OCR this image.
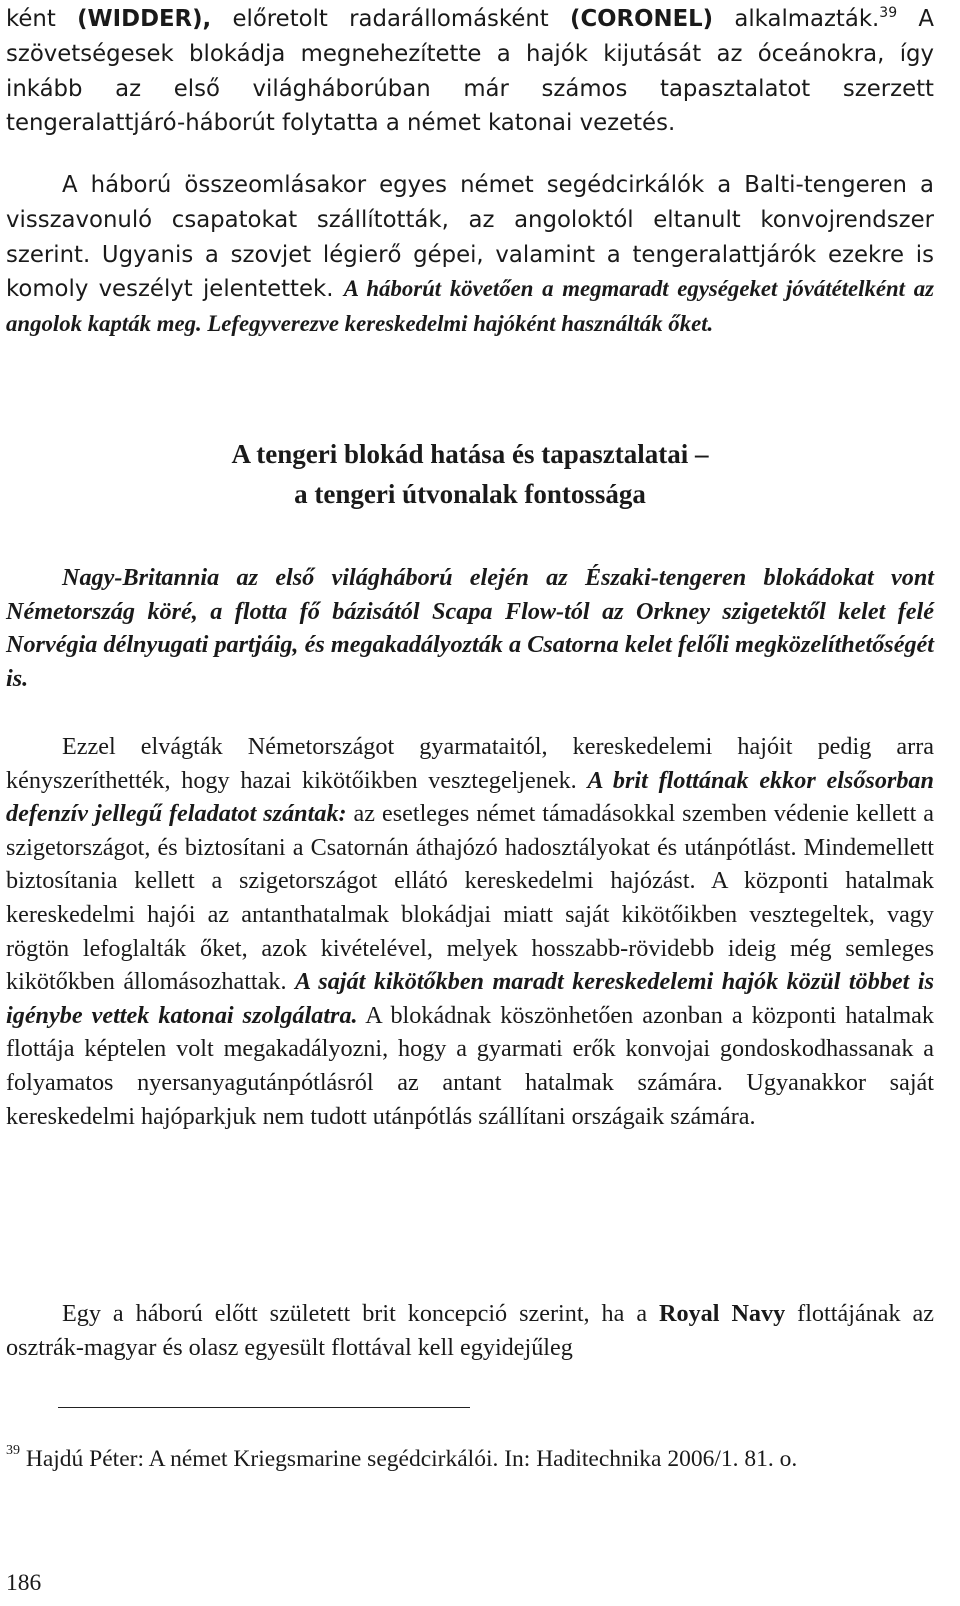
ként (WIDDER), előretolt radarállomásként (CORONEL) alkalmazták.$^{39}$ A szövetségesek blokádja megnehezítette a hajók kijutását az óceánokra, így inkább az első világháborúban már számos tapasztalatot szerzett tengeralattjáró-háborút folytatta a német katonai vezetés.

A háború összeomlásakor egyes német segédcirkálók a Balti-tengeren a visszavonuló csapatokat szállították, az angoloktól eltanult konvojrendszer szerint. Ugyanis a szovjet légierő gépei, valamint a tengeralattjárók ezekre is komoly veszélyt jelentettek. A háborút követően a megmaradt egységeket jóvátételként az angolok kapták meg. Lefegyverezve kereskedelmi hajóként használták őket.

A tengeri blokád hatása és tapasztalatai –
a tengeri útvonalak fontossága

Nagy-Britannia az első világháború elején az Északi-tengeren blokádokat vont Németország köré, a flotta fő bázisától Scapa Flow-tól az Orkney szigetektől kelet felé Norvégia délnyugati partjáig, és megakadályozták a Csatorna kelet felőli megközelíthetőségét is.

Ezzel elvágták Németországot gyarmataitól, kereskedelemi hajóit pedig arra kényszeríthették, hogy hazai kikötőikben vesztegeljenek. A brit flottának ekkor elsősorban defenzív jellegű feladatot szántak: az esetleges német támadásokkal szemben védenie kellett a szigetországot, és biztosítani a Csatornán áthajózó hadosztályokat és utánpótlást. Mindemellett biztosítania kellett a szigetországot ellátó kereskedelmi hajózást. A központi hatalmak kereskedelmi hajói az antanthatalmak blokádjai miatt saját kikötőikben vesztegeltek, vagy rögtön lefoglalták őket, azok kivételével, melyek hosszabb-rövidebb ideig még semleges kikötőkben állomásozhattak. A saját kikötőkben maradt kereskedelemi hajók közül többet is igénybe vettek katonai szolgálatra. A blokádnak köszönhetően azonban a központi hatalmak flottája képtelen volt megakadályozni, hogy a gyarmati erők konvojai gondoskodhassanak a folyamatos nyersanyagutánpótlásról az antant hatalmak számára. Ugyanakkor saját kereskedelmi hajóparkjuk nem tudott utánpótlás szállítani országaik számára.

Egy a háború előtt született brit koncepció szerint, ha a Royal Navy flottájának az osztrák-magyar és olasz egyesült flottával kell egyidejűleg

$^{39}$ Hajdú Péter: A német Kriegsmarine segédcirkálói. In: Haditechnika 2006/1. 81. o.

186
